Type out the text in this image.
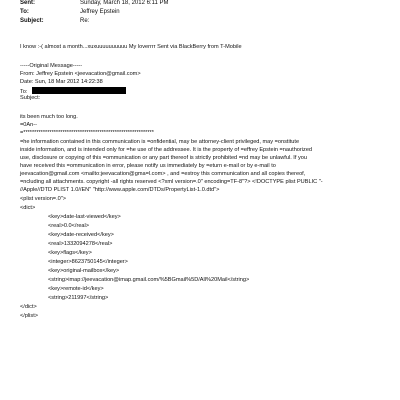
Sent:	Sunday, March 18, 2012 6:11 PM
To:	Jeffrey Epstein
Subject:	Re:
I know :-( almost a month...xuxuuuuuuuuuu My loverrrr Sent via BlackBerry from T-Mobile
-----Original Message-----
From: Jeffrey Epstein <jeevacation@gmail.com>
Date: Sun, 18 Mar 2012 14:22:38
To:
Subject:
its been much too long.
=0An--
=************************************************************
=he information contained in this communication is =onfidential, may be attorney-client privileged, may =onstitute
inside information, and is intended only for =he use of the addressee. It is the property of =effrey Epstein =nauthorized
use, disclosure or copying of this =ommunication or any part thereof is strictly prohibited =nd may be unlawful. If you
have received this =ommunication in error, please notify us immediately by =eturn e-mail or by e-mail to
jeevacation@gmail.com <mailto:jeevacation@gma=l.com> , and =estroy this communication and all copies thereof,
=ncluding all attachments. copyright -all rights reserved <?xml version=.0" encoding=TF-8"?> <!DOCTYPE plist PUBLIC "-
//Apple//DTD PLIST 1.0//EN" "http://www.apple.com/DTDs/PropertyList-1.0.dtd">
<plist version=.0">
<dict>
<key>date-last-viewed</key>
<real>0.0</real>
<key>date-received</key>
<real>1332094278</real>
<key>flags</key>
<integer>8623750145</integer>
<key>original-mailbox</key>
<string>imap://jeevacation@imap.gmail.com/%5BGmail%5D/All%20Mail</string>
<key>remote-id</key>
<string>211997</string>
</dict>
</plist>
